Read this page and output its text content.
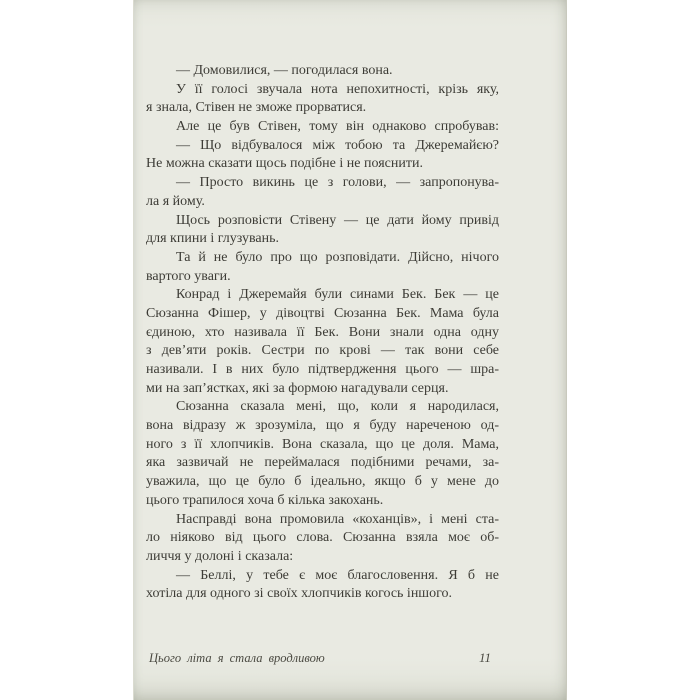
— Домовилися, — погодилася вона.
У її голосі звучала нота непохитності, крізь яку,
я знала, Стівен не зможе прорватися.
Але це був Стівен, тому він однаково спробував:
— Що відбувалося між тобою та Джеремайєю?
Не можна сказати щось подібне і не пояснити.
— Просто викинь це з голови, — запропонува-
ла я йому.
Щось розповісти Стівену — це дати йому привід
для кпини і глузувань.
Та й не було про що розповідати. Дійсно, нічого
вартого уваги.
Конрад і Джеремайя були синами Бек. Бек — це
Сюзанна Фішер, у дівоцтві Сюзанна Бек. Мама була
єдиною, хто називала її Бек. Вони знали одна одну
з дев’яти років. Сестри по крові — так вони себе
називали. І в них було підтвердження цього — шра-
ми на зап’ястках, які за формою нагадували серця.
Сюзанна сказала мені, що, коли я народилася,
вона відразу ж зрозуміла, що я буду нареченою од-
ного з її хлопчиків. Вона сказала, що це доля. Мама,
яка зазвичай не переймалася подібними речами, за-
уважила, що це було б ідеально, якщо б у мене до
цього трапилося хоча б кілька закохань.
Насправді вона промовила «коханців», і мені ста-
ло ніяково від цього слова. Сюзанна взяла моє об-
личчя у долоні і сказала:
— Беллі, у тебе є моє благословення. Я б не
хотіла для одного зі своїх хлопчиків когось іншого.
Цього літа я стала вродливою	11
